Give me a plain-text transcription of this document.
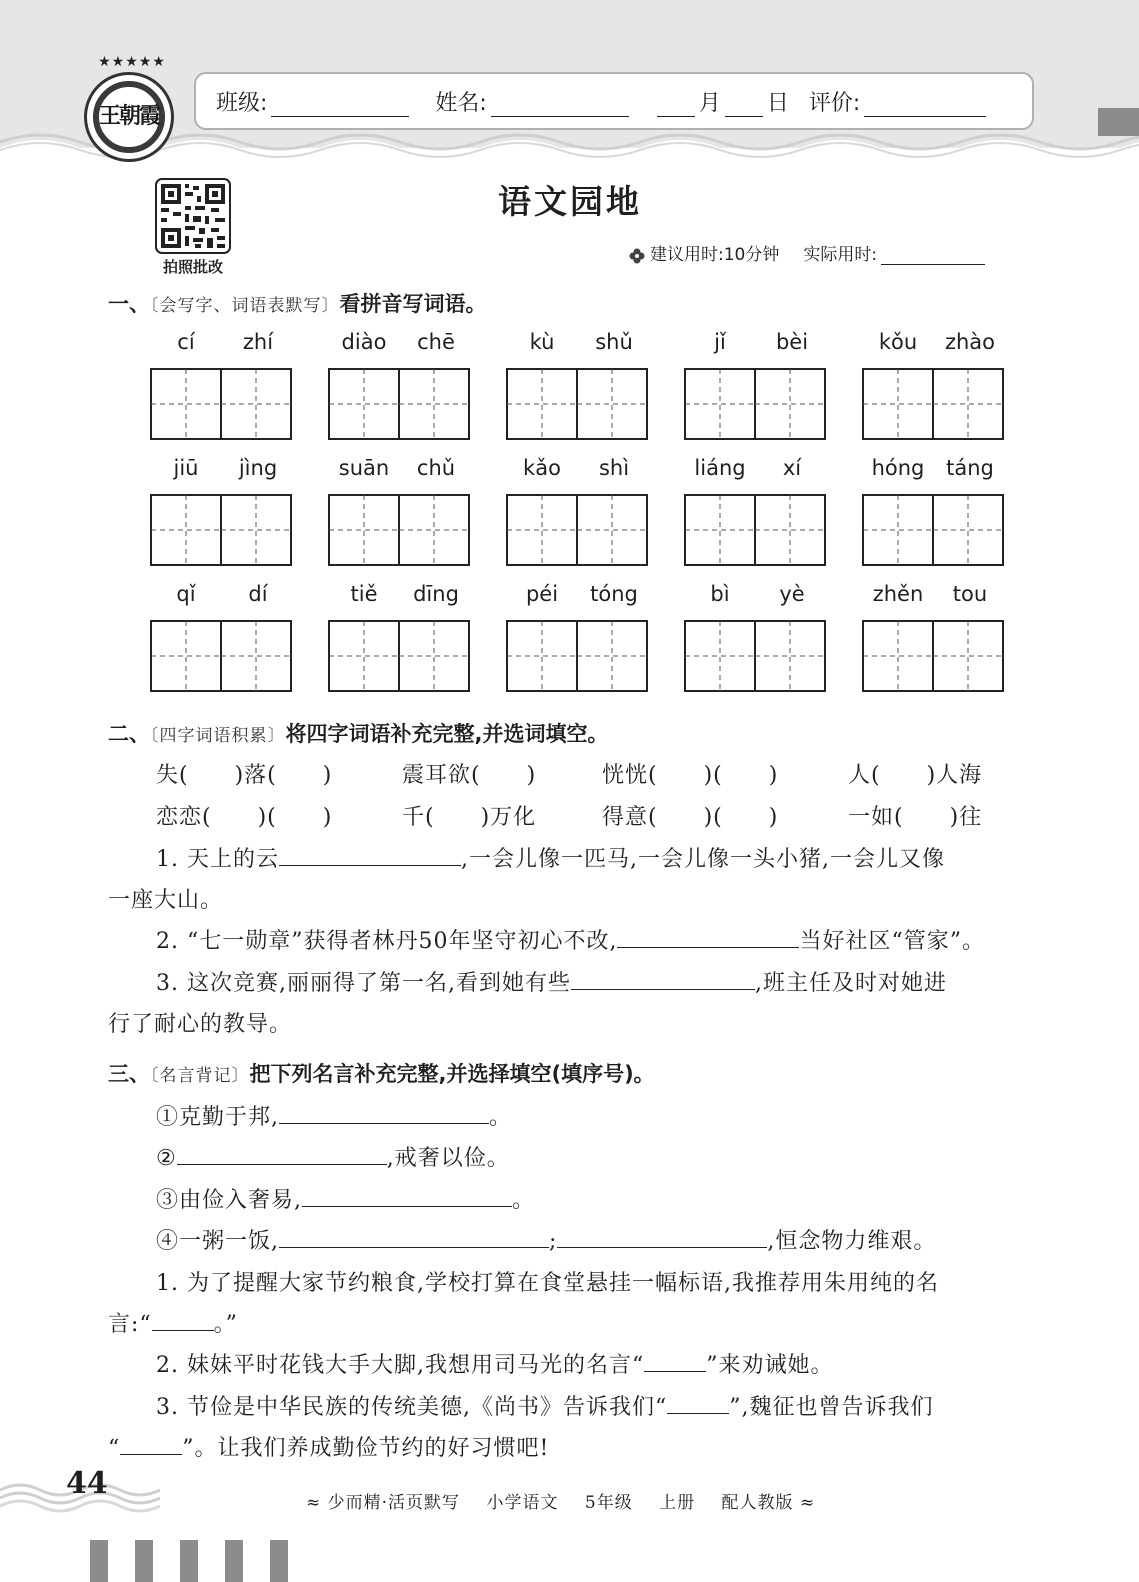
王朝霞
★★★★★
班级:	姓名:	月 日 评价:
拍照批改
语文园地
建议用时:10分钟 实际用时:
一、〔会写字、词语表默写〕看拼音写词语。
cí	zhí	diào	chē	kù	shǔ	jǐ	bèi	kǒu	zhào
jiū	jìng	suān	chǔ	kǎo	shì	liáng	xí	hóng	táng
qǐ	dí	tiě	dīng	péi	tóng	bì	yè	zhěn	tou
二、〔四字词语积累〕将四字词语补充完整,并选词填空。
失(　　)落(　　)	震耳欲(　　)	恍恍(　　)(　　)	人(　　)人海
恋恋(　　)(　　)	千(　　)万化	得意(　　)(　　)	一如(　　)往
1. 天上的云	,一会儿像一匹马,一会儿像一头小猪,一会儿又像
一座大山。
2. “七一勋章”获得者林丹50年坚守初心不改,	当好社区“管家”。
3. 这次竞赛,丽丽得了第一名,看到她有些	,班主任及时对她进
行了耐心的教导。
三、〔名言背记〕把下列名言补充完整,并选择填空(填序号)。
①克勤于邦,	。
②	,戒奢以俭。
③由俭入奢易,	。
④一粥一饭,	;	,恒念物力维艰。
1. 为了提醒大家节约粮食,学校打算在食堂悬挂一幅标语,我推荐用朱用纯的名
言:“	。”
2. 妹妹平时花钱大手大脚,我想用司马光的名言“	”来劝诫她。
3. 节俭是中华民族的传统美德,《尚书》告诉我们“	”,魏征也曾告诉我们
“	”。让我们养成勤俭节约的好习惯吧!
44
≈ 少而精·活页默写 小学语文 5年级 上册 配人教版 ≈
